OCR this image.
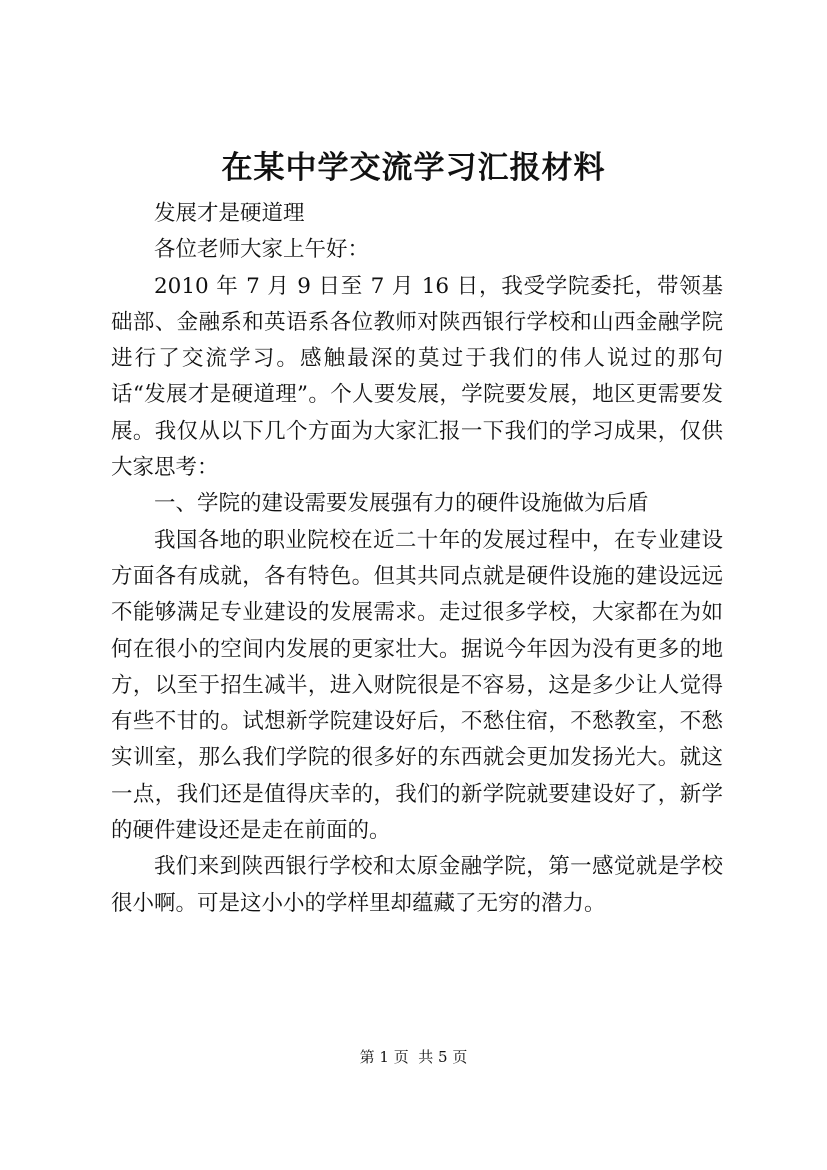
在某中学交流学习汇报材料

发展才是硬道理

各位老师大家上午好：

2010 年 7 月 9 日至 7 月 16 日，我受学院委托，带领基础部、金融系和英语系各位教师对陕西银行学校和山西金融学院进行了交流学习。感触最深的莫过于我们的伟人说过的那句话“发展才是硬道理”。个人要发展，学院要发展，地区更需要发展。我仅从以下几个方面为大家汇报一下我们的学习成果，仅供大家思考：

一、学院的建设需要发展强有力的硬件设施做为后盾

我国各地的职业院校在近二十年的发展过程中，在专业建设方面各有成就，各有特色。但其共同点就是硬件设施的建设远远不能够满足专业建设的发展需求。走过很多学校，大家都在为如何在很小的空间内发展的更家壮大。据说今年因为没有更多的地方，以至于招生减半，进入财院很是不容易，这是多少让人觉得有些不甘的。试想新学院建设好后，不愁住宿，不愁教室，不愁实训室，那么我们学院的很多好的东西就会更加发扬光大。就这一点，我们还是值得庆幸的，我们的新学院就要建设好了，新学的硬件建设还是走在前面的。

我们来到陕西银行学校和太原金融学院，第一感觉就是学校很小啊。可是这小小的学样里却蕴藏了无穷的潜力。

第 1 页  共 5 页
